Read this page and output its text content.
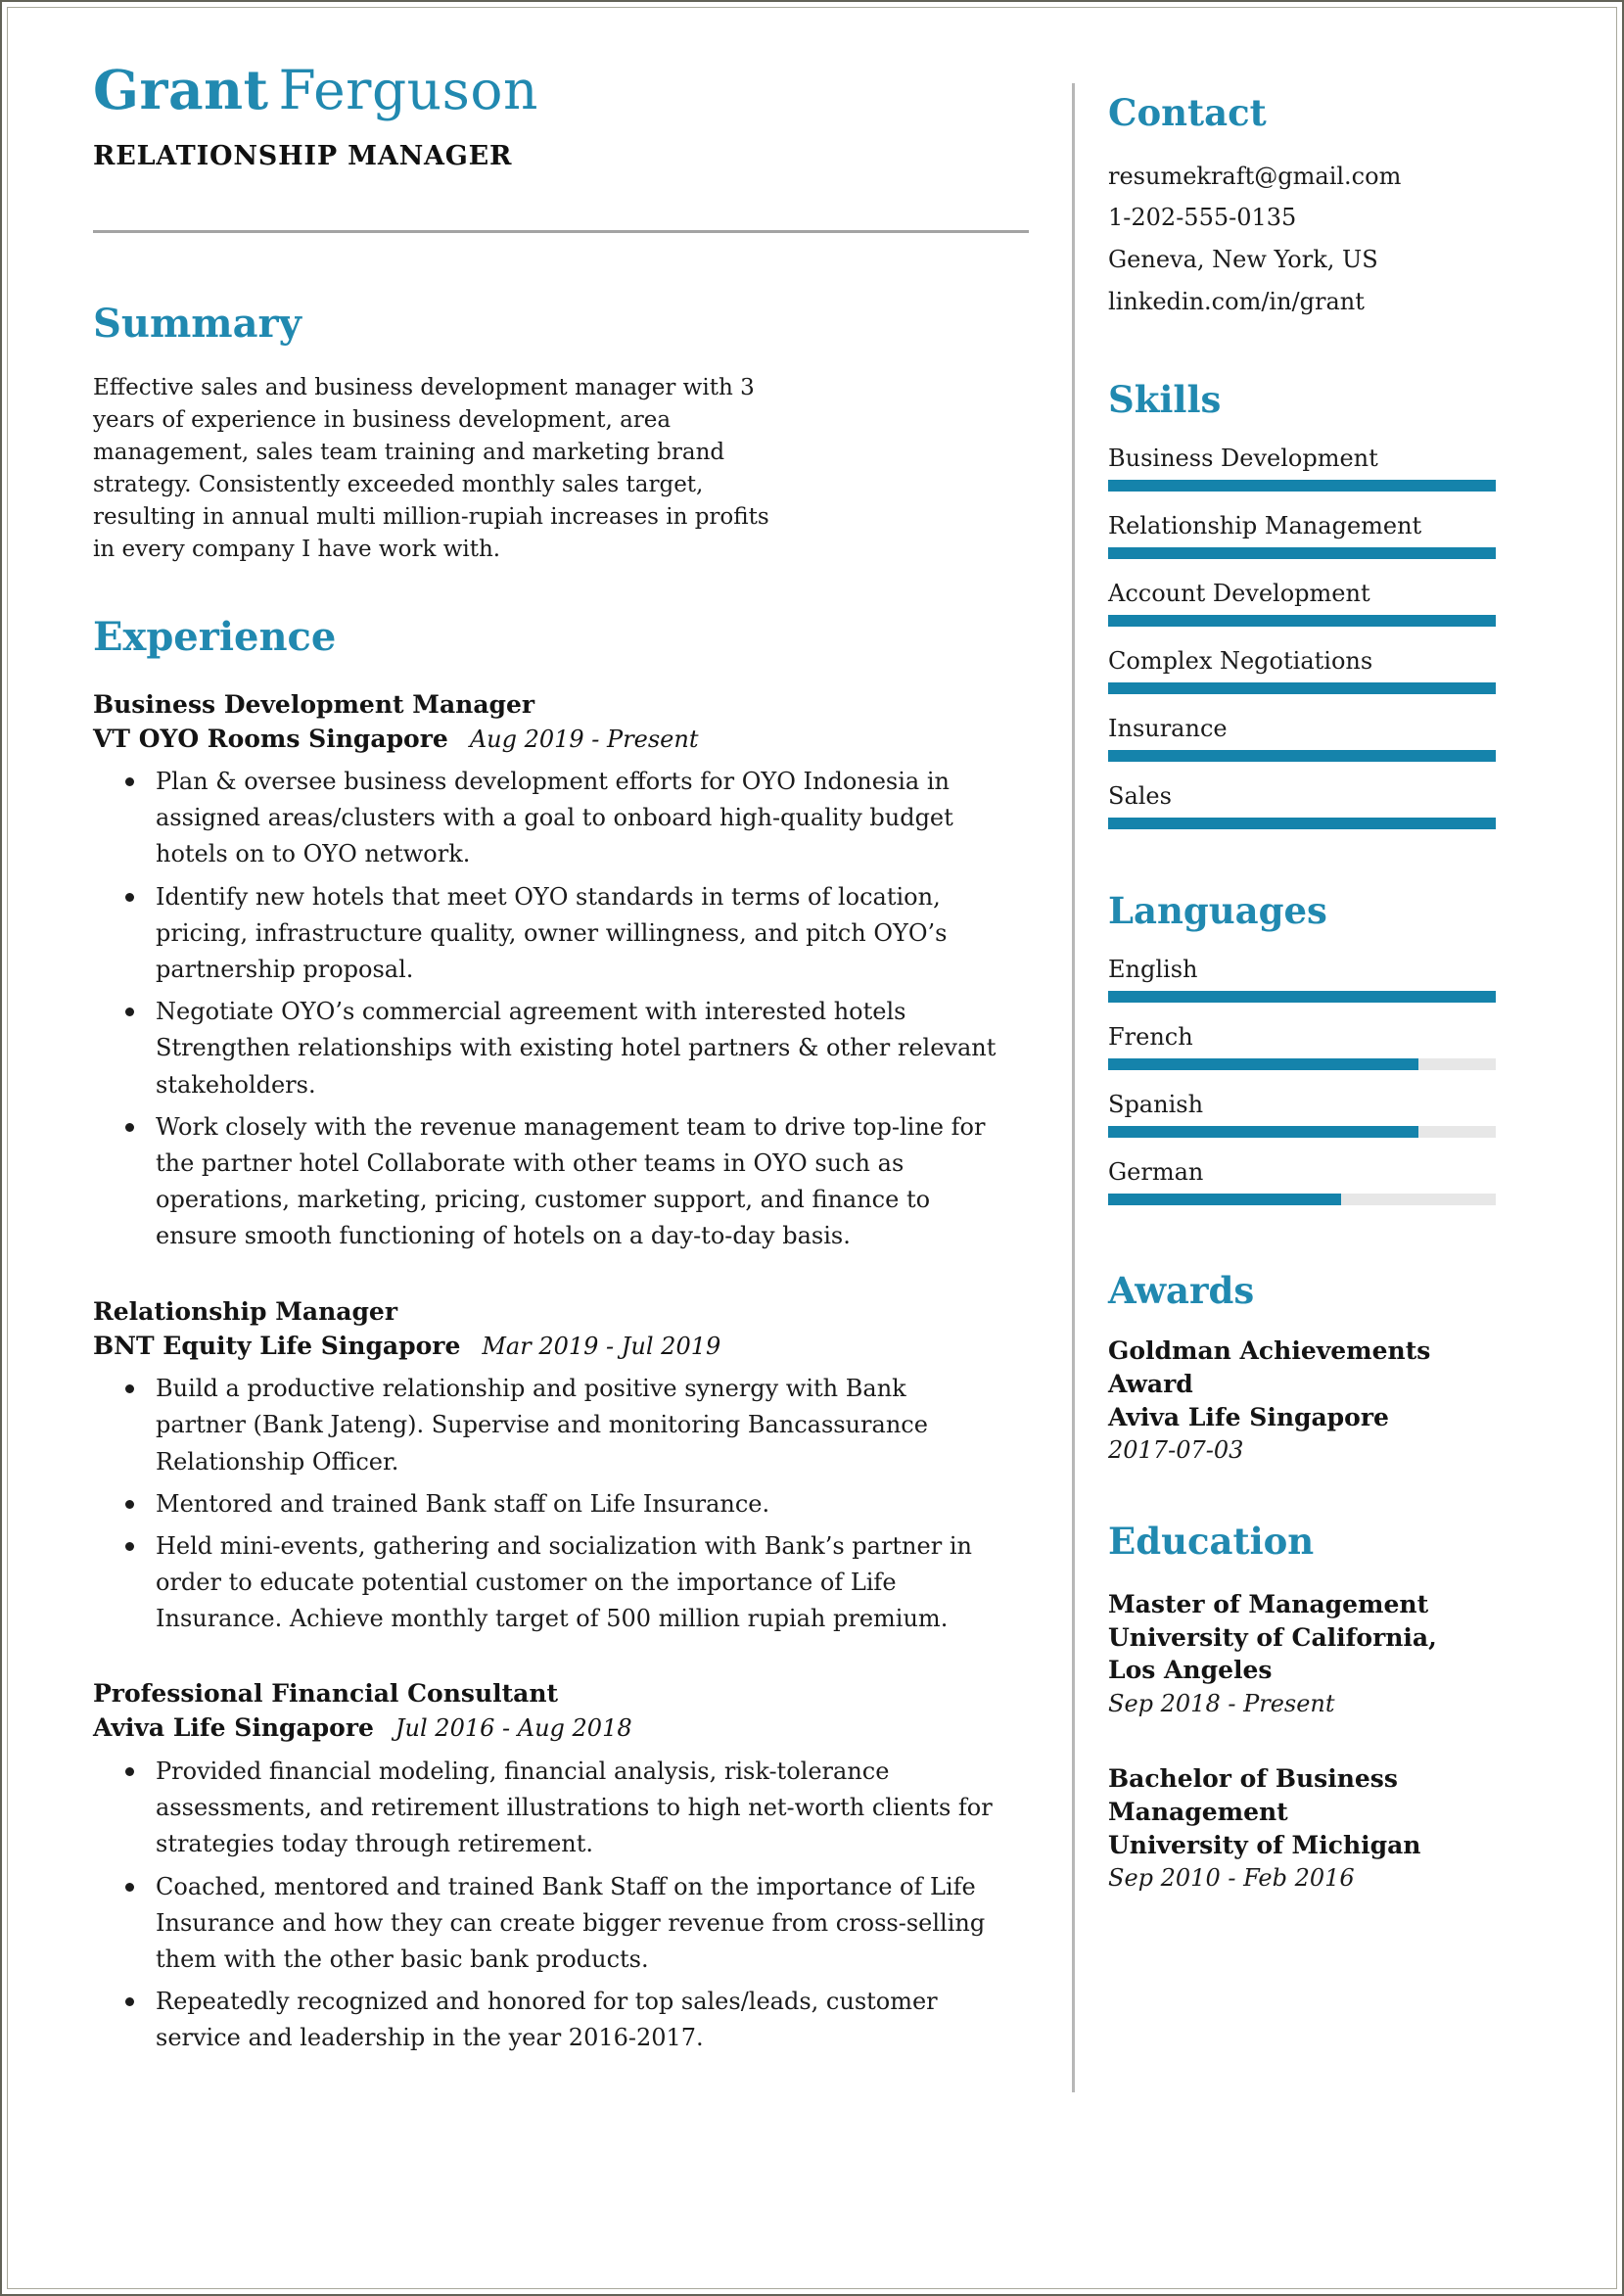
Grant Ferguson
RELATIONSHIP MANAGER
Summary

Effective sales and business development manager with 3 years of experience in business development, area management, sales team training and marketing brand strategy. Consistently exceeded monthly sales target, resulting in annual multi million-rupiah increases in profits in every company I have work with.

Experience
Business Development Manager
VT OYO Rooms Singapore Aug 2019 - Present
Plan & oversee business development efforts for OYO Indonesia in assigned areas/clusters with a goal to onboard high-quality budget hotels on to OYO network.
Identify new hotels that meet OYO standards in terms of location, pricing, infrastructure quality, owner willingness, and pitch OYO’s partnership proposal.
Negotiate OYO’s commercial agreement with interested hotels Strengthen relationships with existing hotel partners & other relevant stakeholders.
Work closely with the revenue management team to drive top-line for the partner hotel Collaborate with other teams in OYO such as operations, marketing, pricing, customer support, and finance to ensure smooth functioning of hotels on a day-to-day basis.
Relationship Manager
BNT Equity Life Singapore Mar 2019 - Jul 2019
Build a productive relationship and positive synergy with Bank partner (Bank Jateng). Supervise and monitoring Bancassurance Relationship Officer.
Mentored and trained Bank staff on Life Insurance.
Held mini-events, gathering and socialization with Bank’s partner in order to educate potential customer on the importance of Life Insurance. Achieve monthly target of 500 million rupiah premium.
Professional Financial Consultant
Aviva Life Singapore Jul 2016 - Aug 2018
Provided financial modeling, financial analysis, risk-tolerance assessments, and retirement illustrations to high net-worth clients for strategies today through retirement.
Coached, mentored and trained Bank Staff on the importance of Life Insurance and how they can create bigger revenue from cross-selling them with the other basic bank products.
Repeatedly recognized and honored for top sales/leads, customer service and leadership in the year 2016-2017.
Contact
resumekraft@gmail.com
1-202-555-0135
Geneva, New York, US
linkedin.com/in/grant
Skills
Business Development
Relationship Management
Account Development
Complex Negotiations
Insurance
Sales
Languages
English
French
Spanish
German
Awards
Goldman Achievements Award
Aviva Life Singapore
2017-07-03
Education
Master of Management
University of California, Los Angeles
Sep 2018 - Present
Bachelor of Business Management
University of Michigan
Sep 2010 - Feb 2016
